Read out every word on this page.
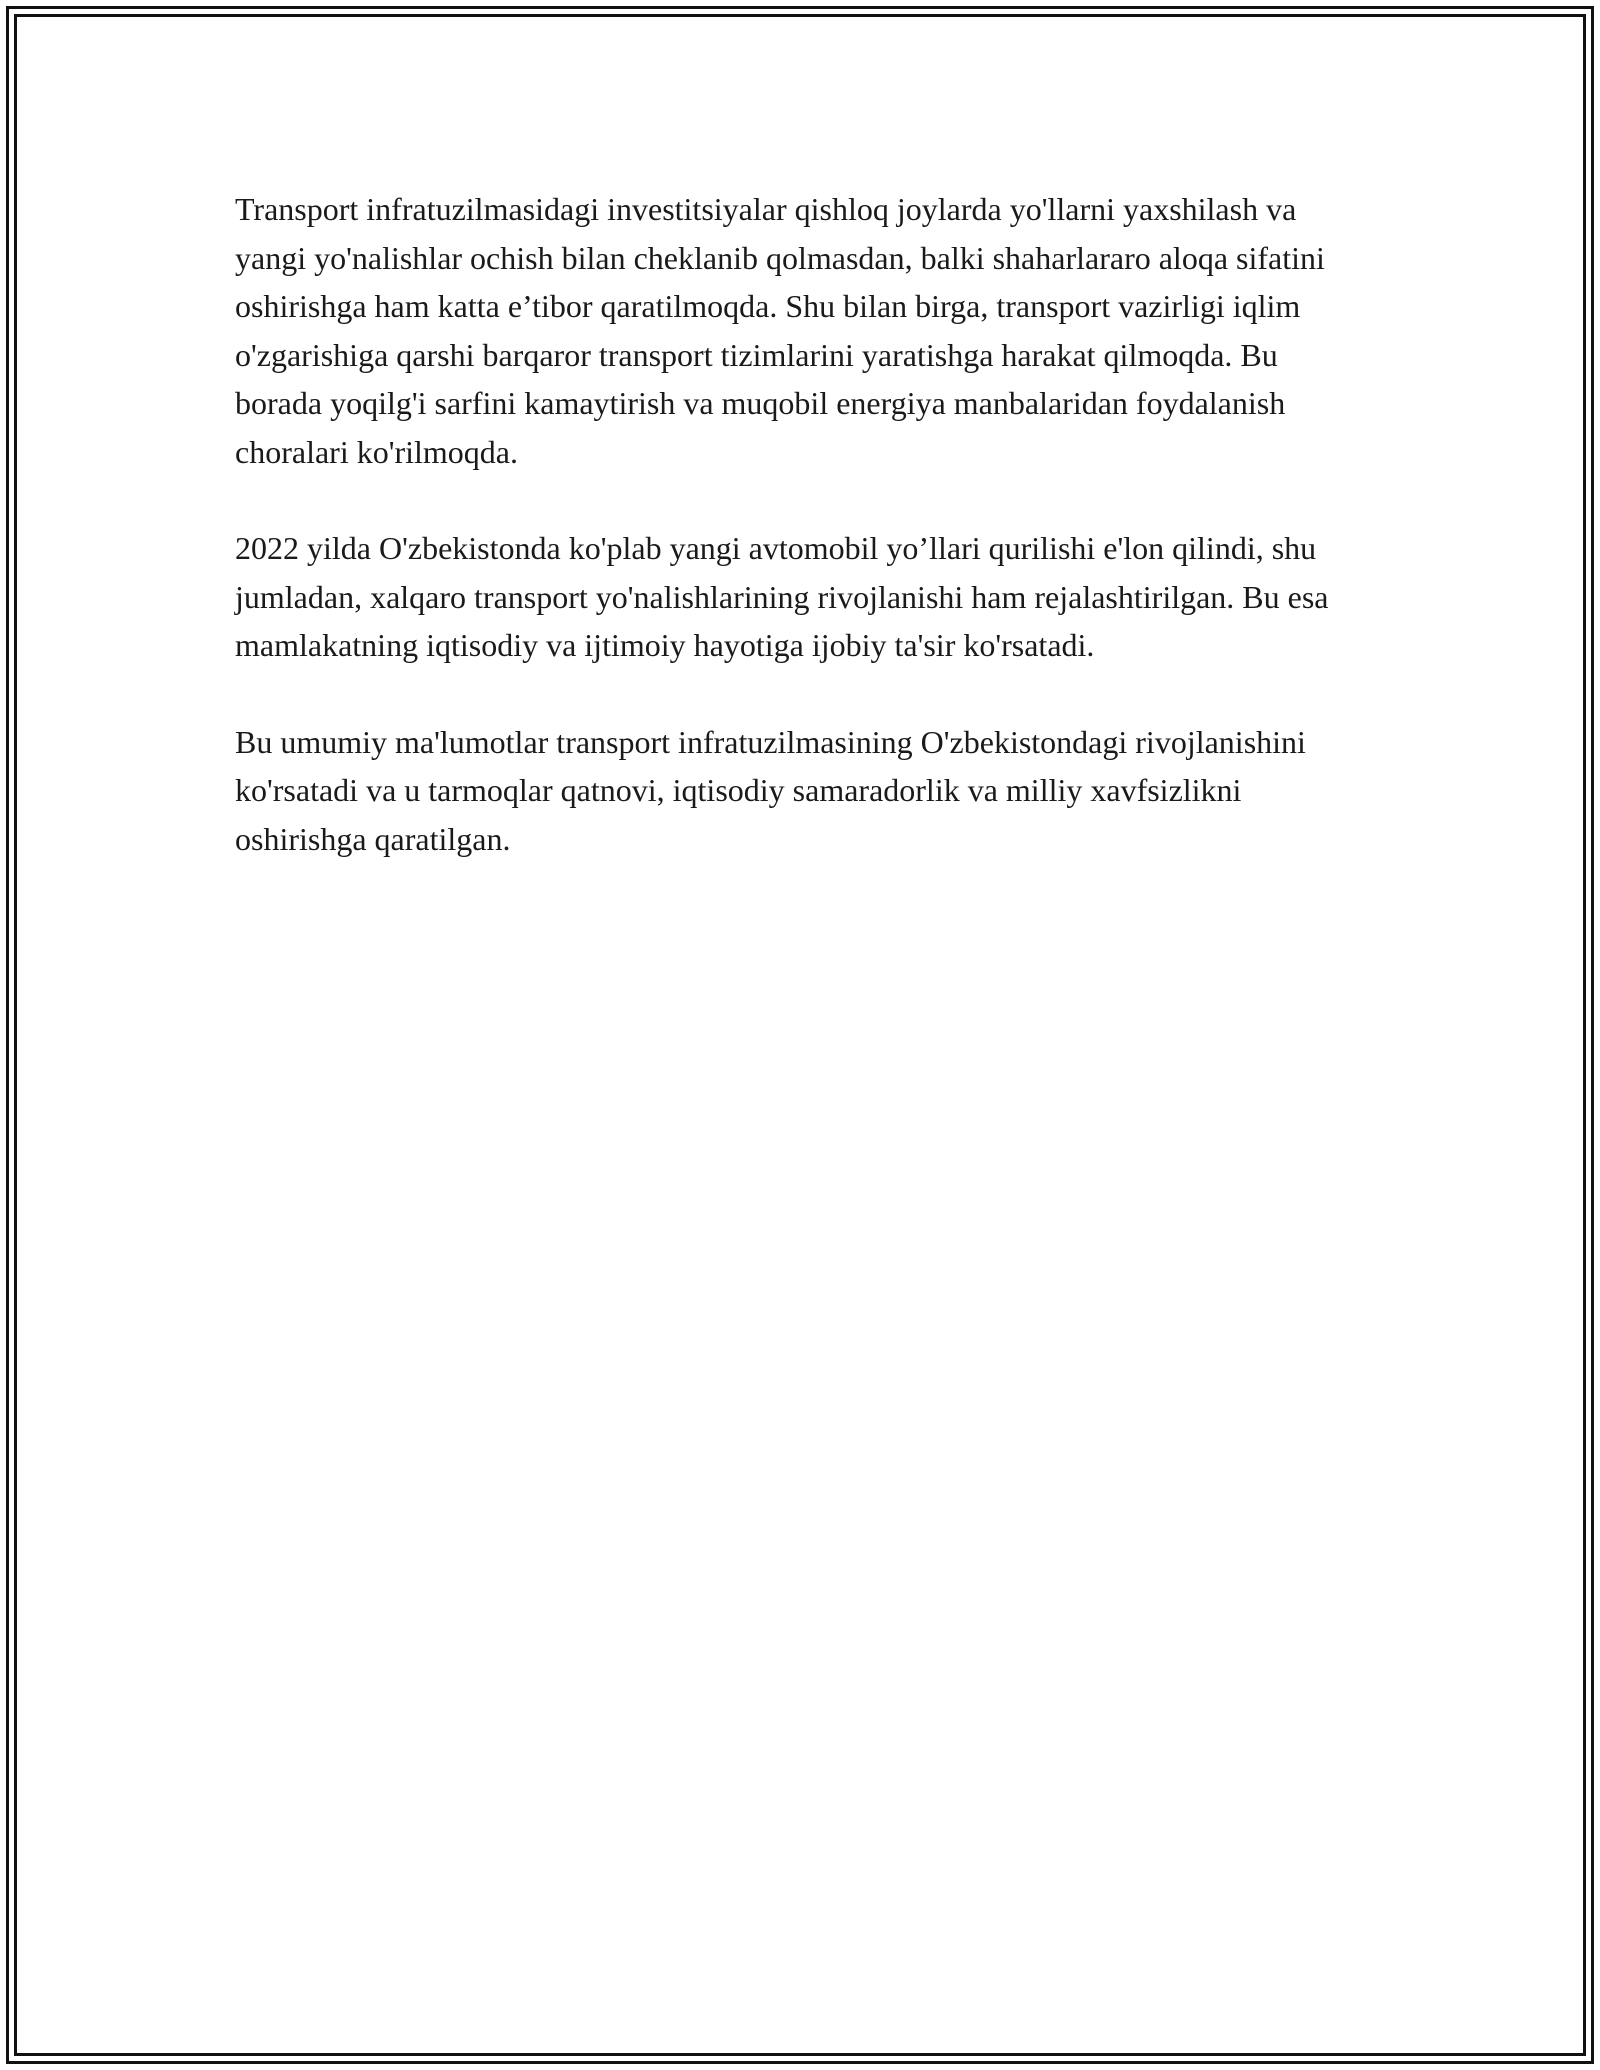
Transport infratuzilmasidagi investitsiyalar qishloq joylarda yo'llarni yaxshilash va yangi yo'nalishlar ochish bilan cheklanib qolmasdan, balki shaharlararo aloqa sifatini oshirishga ham katta e’tibor qaratilmoqda. Shu bilan birga, transport vazirligi iqlim o'zgarishiga qarshi barqaror transport tizimlarini yaratishga harakat qilmoqda. Bu borada yoqilg'i sarfini kamaytirish va muqobil energiya manbalaridan foydalanish choralari ko'rilmoqda.

2022 yilda O'zbekistonda ko'plab yangi avtomobil yo’llari qurilishi e'lon qilindi, shu jumladan, xalqaro transport yo'nalishlarining rivojlanishi ham rejalashtirilgan. Bu esa mamlakatning iqtisodiy va ijtimoiy hayotiga ijobiy ta'sir ko'rsatadi.

Bu umumiy ma'lumotlar transport infratuzilmasining O'zbekistondagi rivojlanishini ko'rsatadi va u tarmoqlar qatnovi, iqtisodiy samaradorlik va milliy xavfsizlikni oshirishga qaratilgan.
